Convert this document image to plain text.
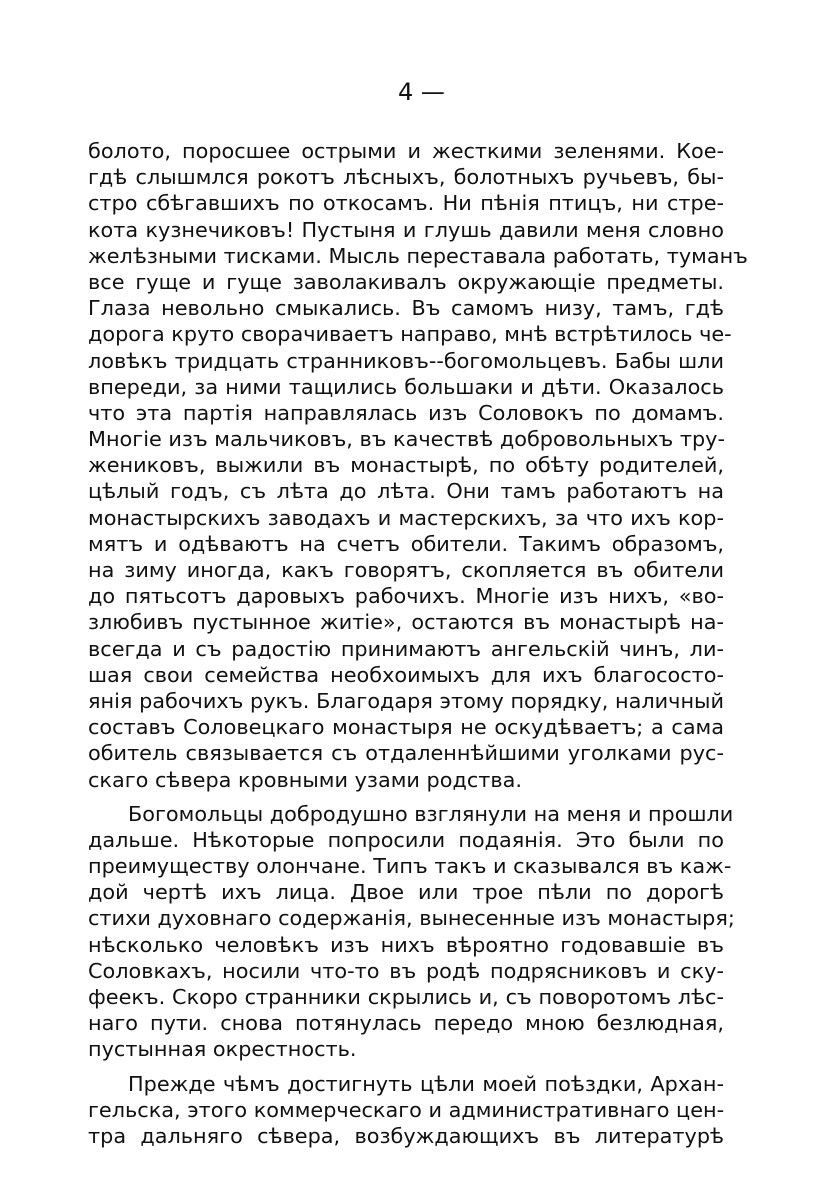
4 —
болото, поросшее острыми и жесткими зеленями. Кое-
гдѣ слышмлся рокотъ лѣсныхъ, болотныхъ ручьевъ, бы-
стро сбѣгавшихъ по откосамъ. Ни пѣнія птицъ, ни стре-
кота кузнечиковъ! Пустыня и глушь давили меня словно
желѣзными тисками. Мысль переставала работать, туманъ
все гуще и гуще заволакивалъ окружающіе предметы.
Глаза невольно смыкались. Въ самомъ низу, тамъ, гдѣ
дорога круто сворачиваетъ направо, мнѣ встрѣтилось че-
ловѣкъ тридцать странниковъ--богомольцевъ. Бабы шли
впереди, за ними тащились большаки и дѣти. Оказалось
что эта партія направлялась изъ Соловокъ по домамъ.
Многіе изъ мальчиковъ, въ качествѣ добровольныхъ тру-
жениковъ, выжили въ монастырѣ, по обѣту родителей,
цѣлый годъ, съ лѣта до лѣта. Они тамъ работаютъ на
монастырскихъ заводахъ и мастерскихъ, за что ихъ кор-
мятъ и одѣваютъ на счетъ обители. Такимъ образомъ,
на зиму иногда, какъ говорятъ, скопляется въ обители
до пятьсотъ даровыхъ рабочихъ. Многіе изъ нихъ, «во-
злюбивъ пустынное житіе», остаются въ монастырѣ на-
всегда и съ радостію принимаютъ ангельскій чинъ, ли-
шая свои семейства необхоимыхъ для ихъ благососто-
янія рабочихъ рукъ. Благодаря этому порядку, наличный
составъ Соловецкаго монастыря не оскудѣваетъ; а сама
обитель связывается съ отдаленнѣйшими уголками рус-
скаго сѣвера кровными узами родства.
Богомольцы добродушно взглянули на меня и прошли
дальше. Нѣкоторые попросили подаянія. Это были по
преимуществу олончане. Типъ такъ и сказывался въ каж-
дой чертѣ ихъ лица. Двое или трое пѣли по дорогѣ
стихи духовнаго содержанія, вынесенные изъ монастыря;
нѣсколько человѣкъ изъ нихъ вѣроятно годовавшіе въ
Соловкахъ, носили что-то въ родѣ подрясниковъ и ску-
феекъ. Скоро странники скрылись и, съ поворотомъ лѣс-
наго пути. снова потянулась передо мною безлюдная,
пустынная окрестность.
Прежде чѣмъ достигнуть цѣли моей поѣздки, Архан-
гельска, этого коммерческаго и административнаго цен-
тра дальняго сѣвера, возбуждающихъ въ литературѣ
